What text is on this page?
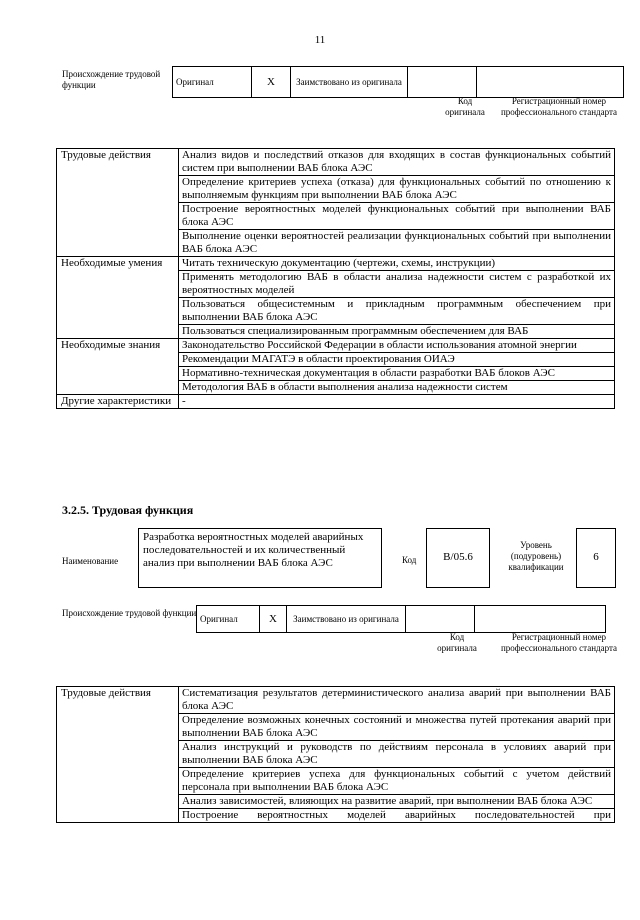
11
Происхождение трудовой функции	Оригинал	X	Заимствовано из оригинала		
Код оригинала
Регистрационный номер профессионального стандарта
Трудовые действия	Анализ видов и последствий отказов для входящих в состав функциональных событий систем при выполнении ВАБ блока АЭС
	Определение критериев успеха (отказа) для функциональных событий по отношению к выполняемым функциям при выполнении ВАБ блока АЭС
	Построение вероятностных моделей функциональных событий при выполнении ВАБ блока АЭС
	Выполнение оценки вероятностей реализации функциональных событий при выполнении ВАБ блока АЭС
Необходимые умения	Читать техническую документацию (чертежи, схемы, инструкции)
	Применять методологию ВАБ в области анализа надежности систем с разработкой их вероятностных моделей
	Пользоваться общесистемным и прикладным программным обеспечением при выполнении ВАБ блока АЭС
	Пользоваться специализированным программным обеспечением для ВАБ
Необходимые знания	Законодательство Российской Федерации в области использования атомной энергии
	Рекомендации МАГАТЭ в области проектирования ОИАЭ
	Нормативно-техническая документация в области разработки ВАБ блоков АЭС
	Методология ВАБ в области выполнения анализа надежности систем
Другие характеристики	-
3.2.5. Трудовая функция
Наименование
Разработка вероятностных моделей аварийных последовательностей и их количественный анализ при выполнении ВАБ блока АЭС	Код	B/05.6
Уровень (подуровень) квалификации
6
Происхождение трудовой функции
Оригинал	X	Заимствовано из оригинала		
Код оригинала
Регистрационный номер профессионального стандарта
Трудовые действия	Систематизация результатов детерминистического анализа аварий при выполнении ВАБ блока АЭС
Определение возможных конечных состояний и множества путей протекания аварий при выполнении ВАБ блока АЭС
Анализ инструкций и руководств по действиям персонала в условиях аварий при выполнении ВАБ блока АЭС
Определение критериев успеха для функциональных событий с учетом действий персонала при выполнении ВАБ блока АЭС
Анализ зависимостей, влияющих на развитие аварий, при выполнении ВАБ блока АЭС
Построение вероятностных моделей аварийных последовательностей при
